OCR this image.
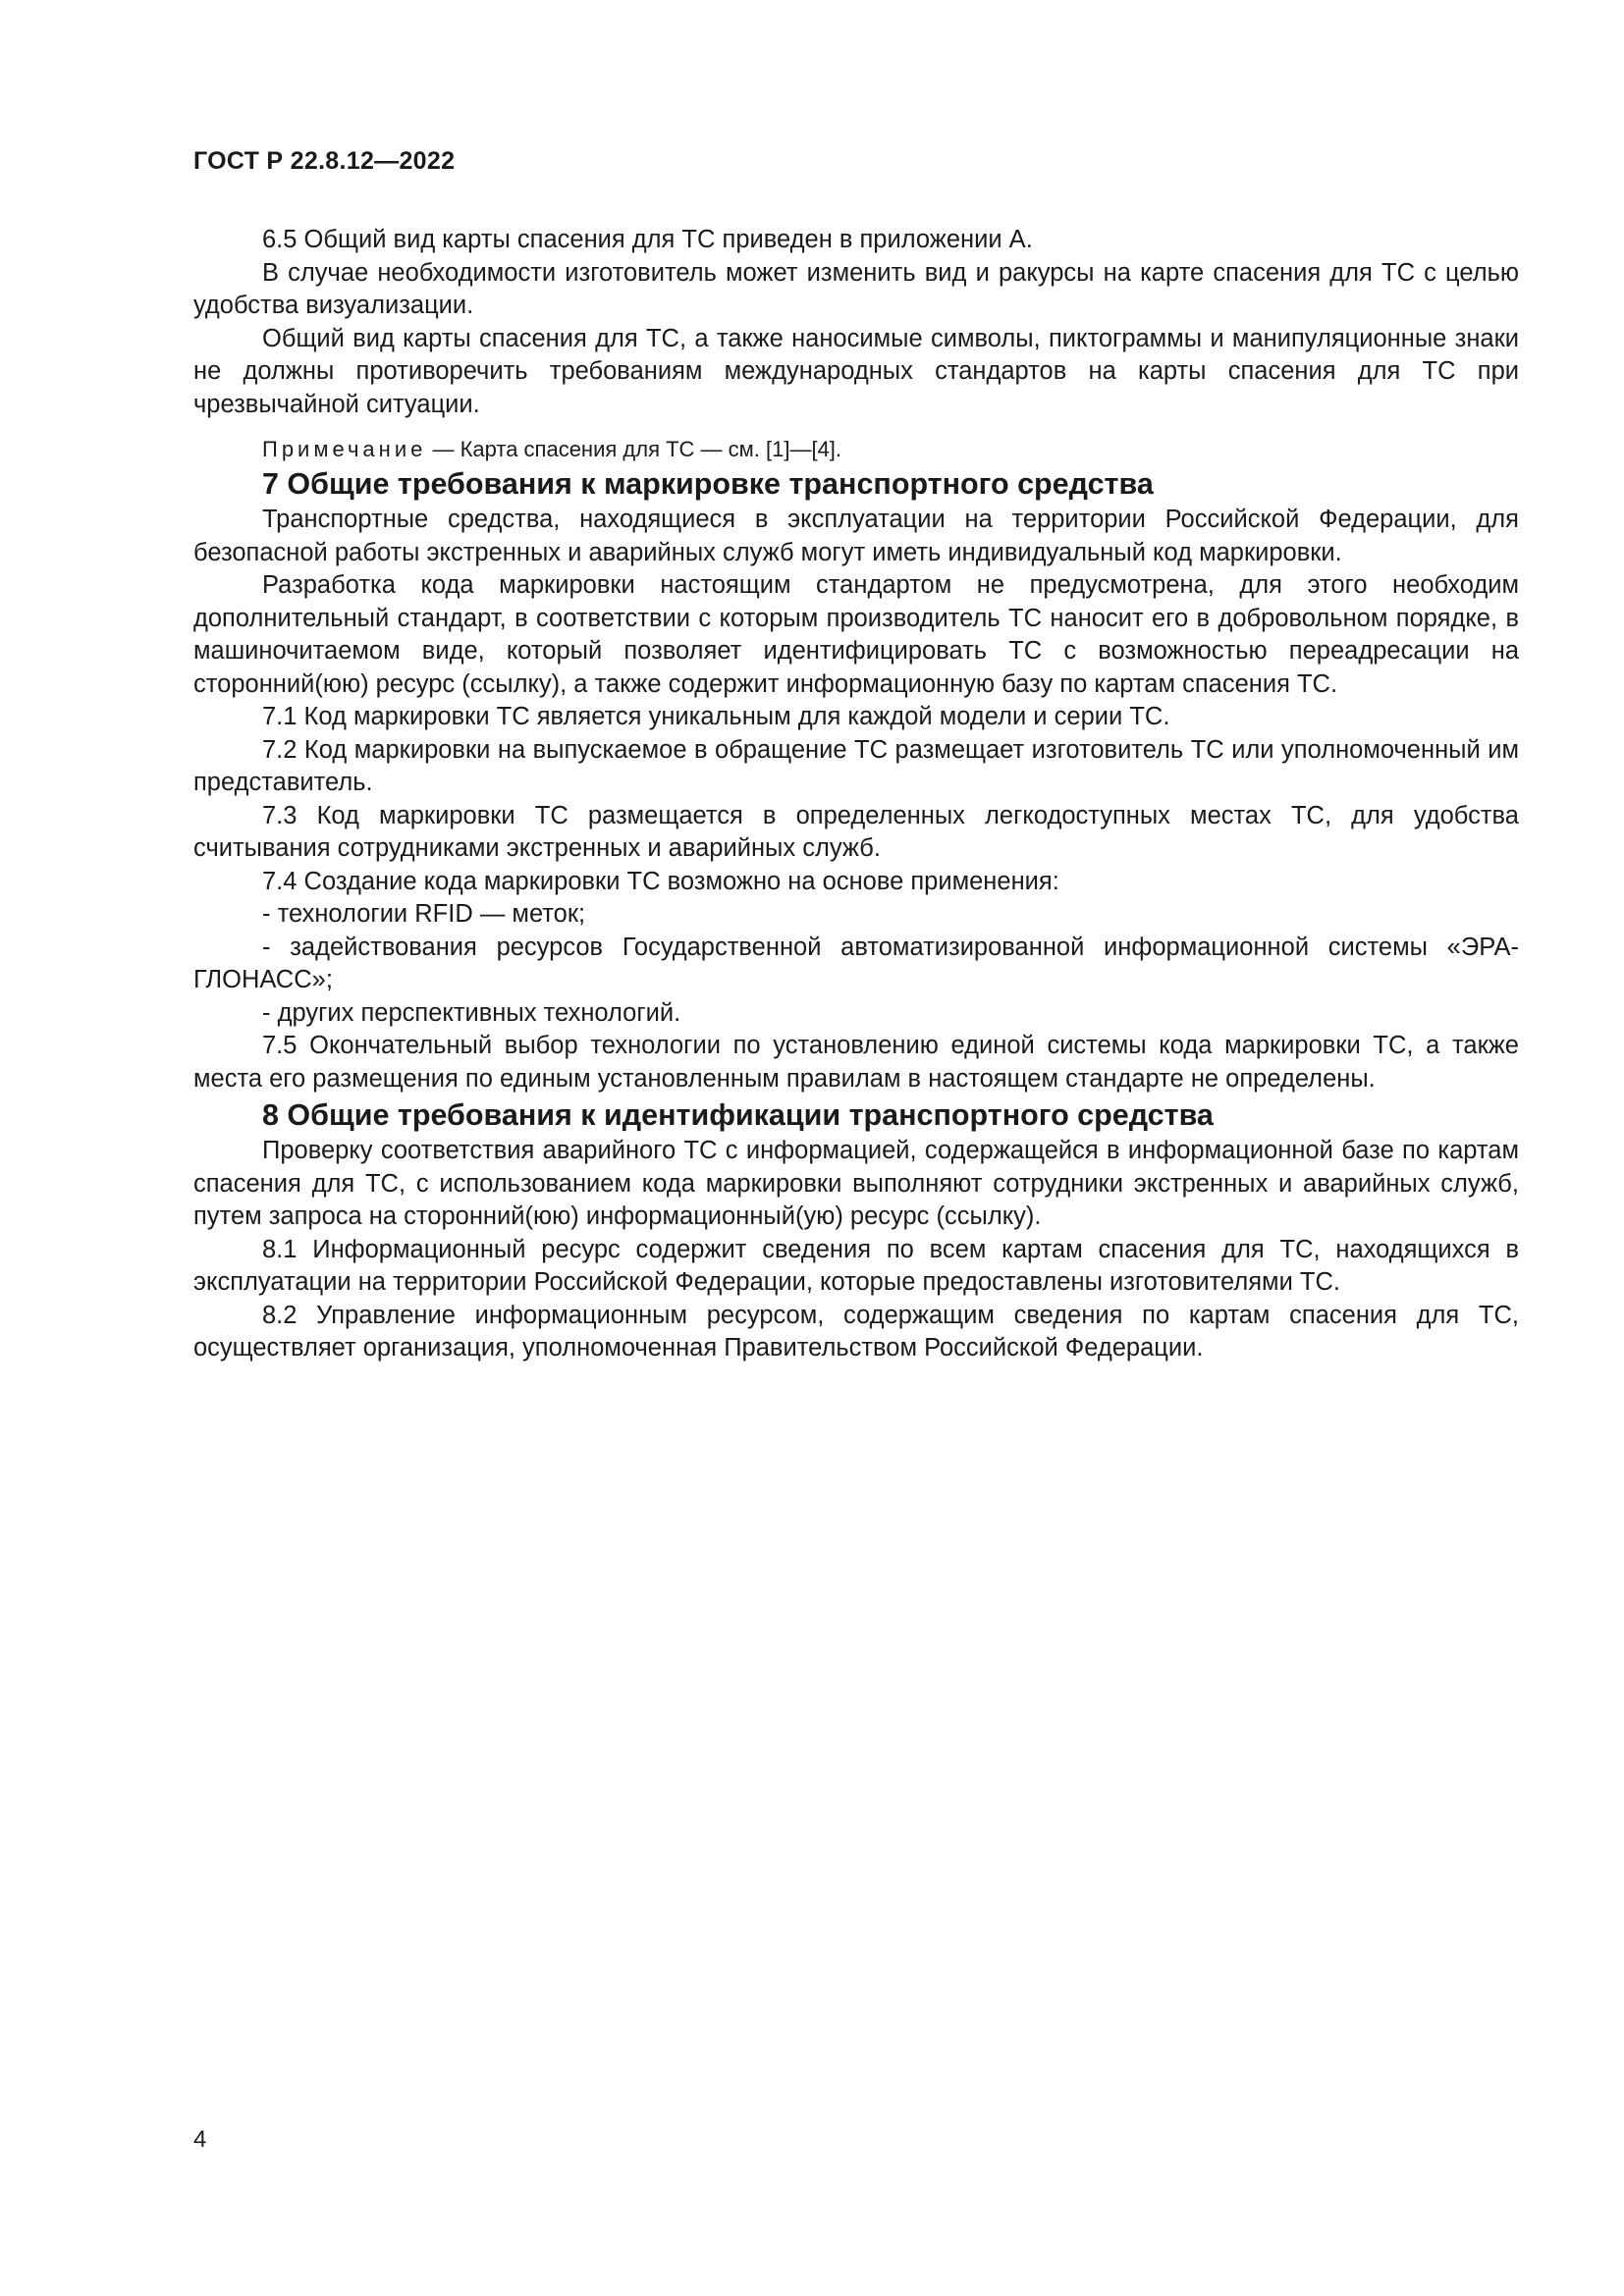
ГОСТ Р 22.8.12—2022

6.5 Общий вид карты спасения для ТС приведен в приложении А.

В случае необходимости изготовитель может изменить вид и ракурсы на карте спасения для ТС с целью удобства визуализации.

Общий вид карты спасения для ТС, а также наносимые символы, пиктограммы и манипуляционные знаки не должны противоречить требованиям международных стандартов на карты спасения для ТС при чрезвычайной ситуации.

Примечание — Карта спасения для ТС — см. [1]—[4].

7 Общие требования к маркировке транспортного средства

Транспортные средства, находящиеся в эксплуатации на территории Российской Федерации, для безопасной работы экстренных и аварийных служб могут иметь индивидуальный код маркировки.

Разработка кода маркировки настоящим стандартом не предусмотрена, для этого необходим дополнительный стандарт, в соответствии с которым производитель ТС наносит его в добровольном порядке, в машиночитаемом виде, который позволяет идентифицировать ТС с возможностью переадресации на сторонний(юю) ресурс (ссылку), а также содержит информационную базу по картам спасения ТС.

7.1 Код маркировки ТС является уникальным для каждой модели и серии ТС.

7.2 Код маркировки на выпускаемое в обращение ТС размещает изготовитель ТС или уполномоченный им представитель.

7.3 Код маркировки ТС размещается в определенных легкодоступных местах ТС, для удобства считывания сотрудниками экстренных и аварийных служб.

7.4 Создание кода маркировки ТС возможно на основе применения:

- технологии RFID — меток;

- задействования ресурсов Государственной автоматизированной информационной системы «ЭРА-ГЛОНАСС»;

- других перспективных технологий.

7.5 Окончательный выбор технологии по установлению единой системы кода маркировки ТС, а также места его размещения по единым установленным правилам в настоящем стандарте не определены.

8 Общие требования к идентификации транспортного средства

Проверку соответствия аварийного ТС с информацией, содержащейся в информационной базе по картам спасения для ТС, с использованием кода маркировки выполняют сотрудники экстренных и аварийных служб, путем запроса на сторонний(юю) информационный(ую) ресурс (ссылку).

8.1 Информационный ресурс содержит сведения по всем картам спасения для ТС, находящихся в эксплуатации на территории Российской Федерации, которые предоставлены изготовителями ТС.

8.2 Управление информационным ресурсом, содержащим сведения по картам спасения для ТС, осуществляет организация, уполномоченная Правительством Российской Федерации.

4
